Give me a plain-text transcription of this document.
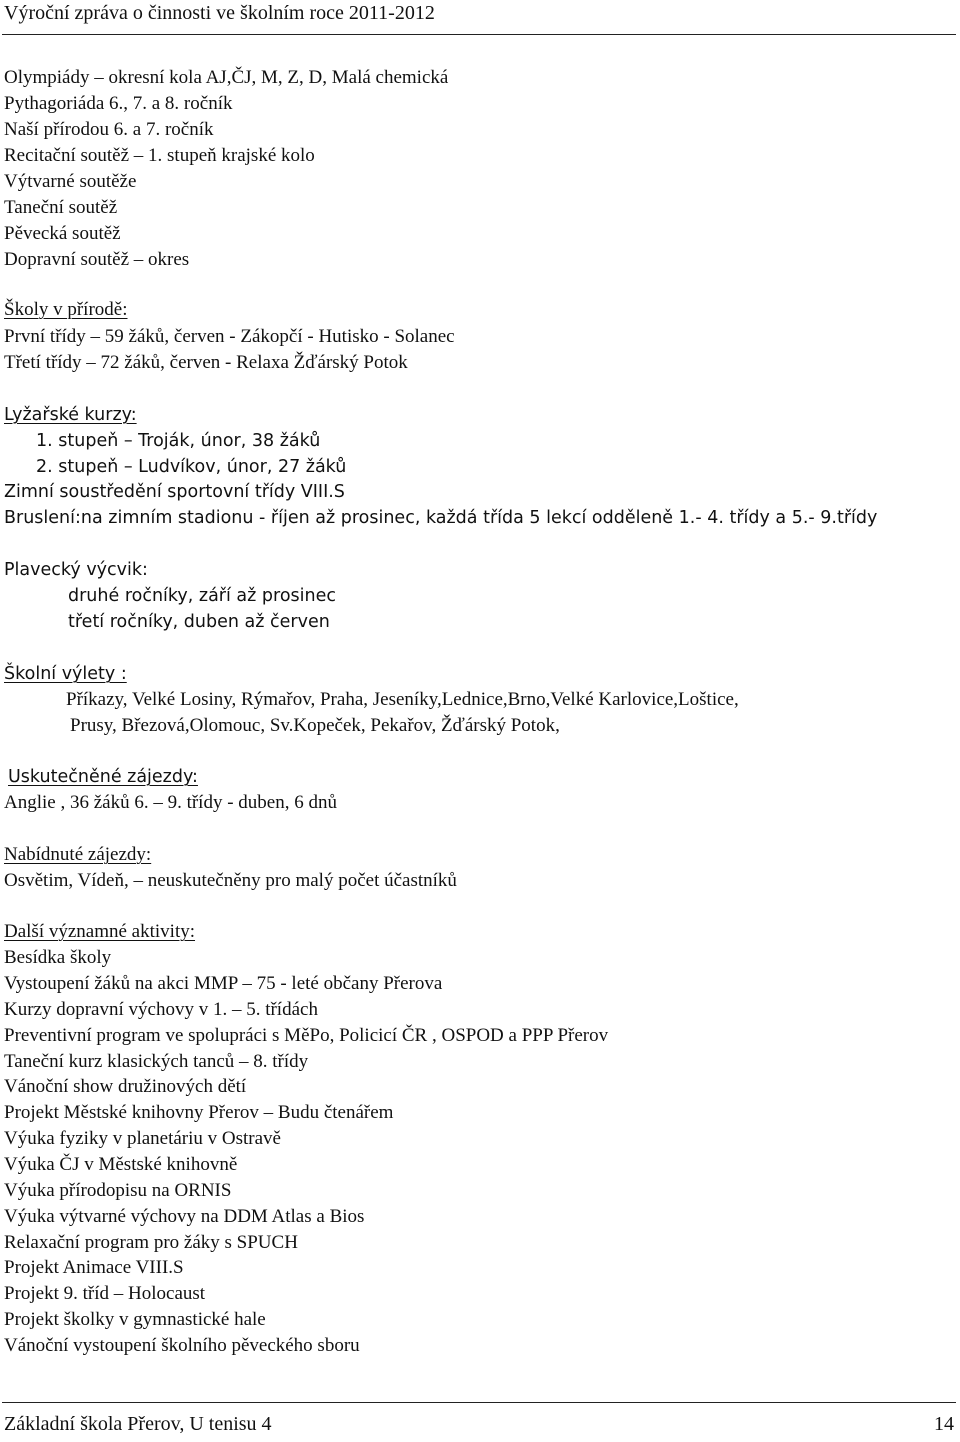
Výroční zpráva o činnosti ve školním roce 2011-2012
Olympiády – okresní kola AJ,ČJ, M, Z, D, Malá chemická
Pythagoriáda 6., 7. a 8. ročník
Naší přírodou 6. a 7. ročník
Recitační soutěž – 1. stupeň krajské kolo
Výtvarné soutěže
Taneční soutěž
Pěvecká soutěž
Dopravní soutěž – okres
Školy v přírodě:
První třídy – 59 žáků, červen - Zákopčí - Hutisko - Solanec
Třetí třídy – 72 žáků, červen - Relaxa Žďárský Potok
Lyžařské kurzy:
1. stupeň – Troják, únor, 38 žáků
2. stupeň – Ludvíkov, únor, 27 žáků
Zimní soustředění sportovní třídy VIII.S
Bruslení:na zimním stadionu - říjen až prosinec, každá třída 5 lekcí odděleně 1.- 4. třídy a 5.- 9.třídy
Plavecký výcvik:
druhé ročníky, září až prosinec
třetí ročníky, duben až červen
Školní výlety :
Příkazy, Velké Losiny, Rýmařov, Praha, Jeseníky,Lednice,Brno,Velké Karlovice,Loštice,
Prusy, Březová,Olomouc, Sv.Kopeček, Pekařov, Žďárský Potok,
Uskutečněné zájezdy:
Anglie , 36 žáků 6. – 9. třídy - duben, 6 dnů
Nabídnuté zájezdy:
Osvětim, Vídeň, – neuskutečněny pro malý počet účastníků
Další významné aktivity:
Besídka školy
Vystoupení žáků na akci MMP – 75 - leté občany Přerova
Kurzy dopravní výchovy v 1. – 5. třídách
Preventivní program ve spolupráci s MěPo, Policicí ČR , OSPOD a PPP Přerov
Taneční kurz klasických tanců – 8. třídy
Vánoční show družinových dětí
Projekt Městské knihovny Přerov – Budu čtenářem
Výuka fyziky v planetáriu v Ostravě
Výuka ČJ v Městské knihovně
Výuka přírodopisu na ORNIS
Výuka výtvarné výchovy na DDM Atlas a Bios
Relaxační program pro žáky s SPUCH
Projekt Animace VIII.S
Projekt 9. tříd – Holocaust
Projekt školky v gymnastické hale
Vánoční vystoupení školního pěveckého sboru
Základní škola Přerov, U tenisu 4	14
